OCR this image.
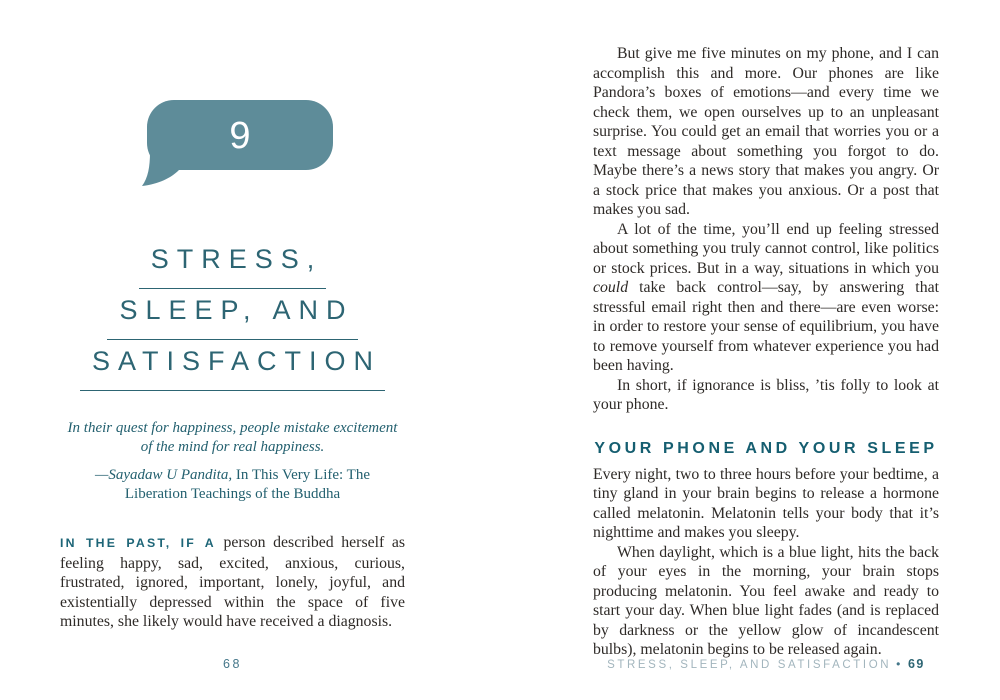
9
STRESS,
SLEEP, AND
SATISFACTION

In their quest for happiness, people mistake excitement of the mind for real happiness.

—Sayadaw U Pandita, In This Very Life: The Liberation Teachings of the Buddha

IN THE PAST, IF A person described herself as feeling happy, sad, excited, anxious, curious, frustrated, ignored, important, lonely, joyful, and existentially depressed within the space of five minutes, she likely would have received a diagnosis.

68

But give me five minutes on my phone, and I can accomplish this and more. Our phones are like Pandora’s boxes of emotions—and every time we check them, we open ourselves up to an unpleasant surprise. You could get an email that worries you or a text message about something you forgot to do. Maybe there’s a news story that makes you angry. Or a stock price that makes you anxious. Or a post that makes you sad.

A lot of the time, you’ll end up feeling stressed about something you truly cannot control, like politics or stock prices. But in a way, situations in which you could take back control—say, by answering that stressful email right then and there—are even worse: in order to restore your sense of equilibrium, you have to remove yourself from whatever experience you had been having.

In short, if ignorance is bliss, ’tis folly to look at your phone.

YOUR PHONE AND YOUR SLEEP

Every night, two to three hours before your bedtime, a tiny gland in your brain begins to release a hormone called melatonin. Melatonin tells your body that it’s nighttime and makes you sleepy.

When daylight, which is a blue light, hits the back of your eyes in the morning, your brain stops producing melatonin. You feel awake and ready to start your day. When blue light fades (and is replaced by darkness or the yellow glow of incandescent bulbs), melatonin begins to be released again.

STRESS, SLEEP, AND SATISFACTION • 69
